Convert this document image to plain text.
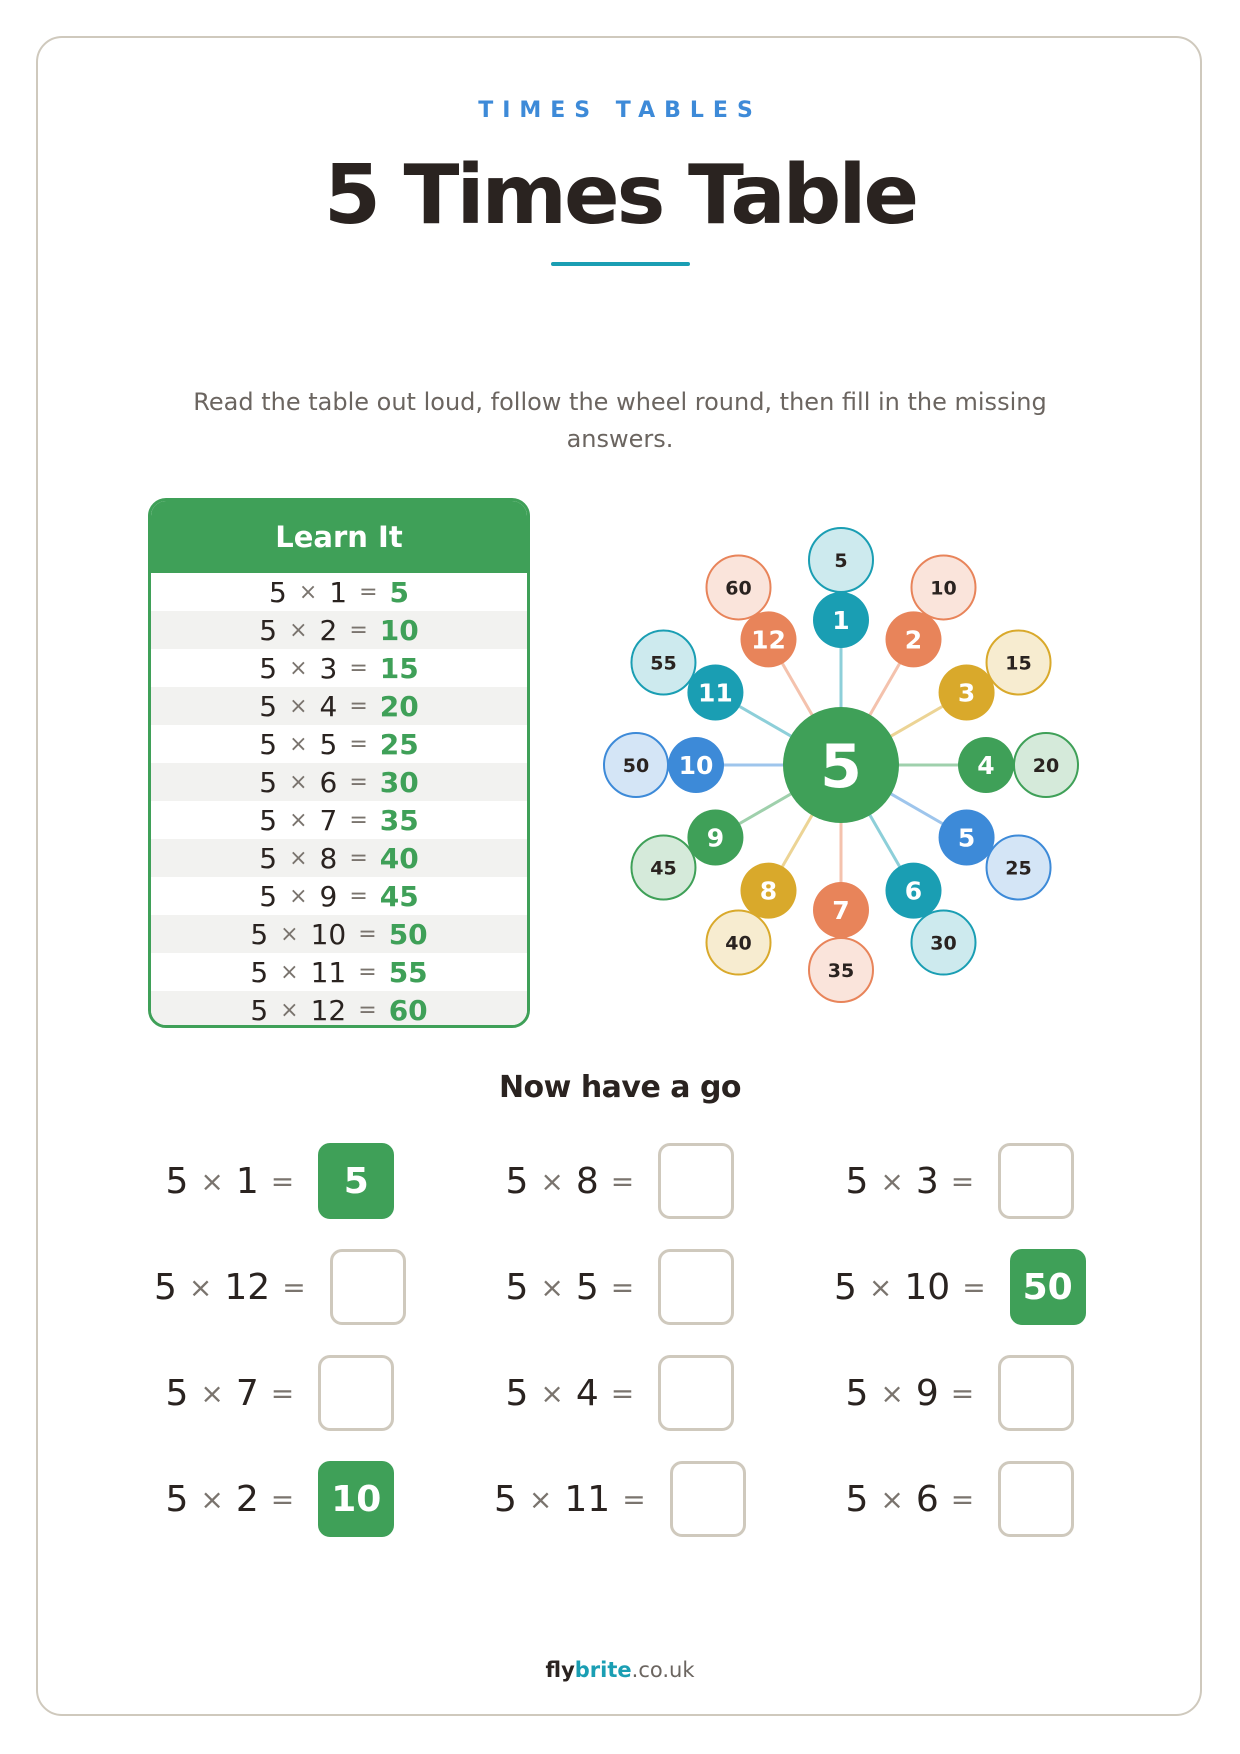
TIMES TABLES
5 Times Table
Read the table out loud, follow the wheel round, then fill in the missing answers.
Learn It
5 × 1 = 5
5 × 2 = 10
5 × 3 = 15
5 × 4 = 20
5 × 5 = 25
5 × 6 = 30
5 × 7 = 35
5 × 8 = 40
5 × 9 = 45
5 × 10 = 50
5 × 11 = 55
5 × 12 = 60
5
10
15
20
25
30
35
40
45
50
55
60
1
2
3
4
5
6
7
8
9
10
11
12
5
Now have a go
5 × 1 =	5	5 × 8 =	5 × 3 =
5 × 12 =	5 × 5 =	5 × 10 =	50
5 × 7 =	5 × 4 =	5 × 9 =
5 × 2 =	10	5 × 11 =	5 × 6 =
flybrite.co.uk
